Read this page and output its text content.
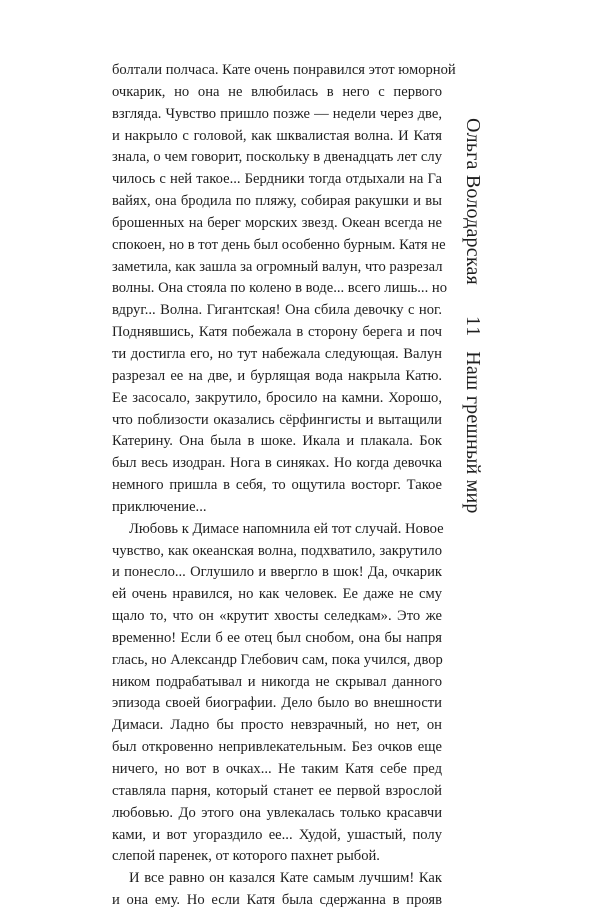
болтали полчаса. Кате очень понравился этот юморной
очкарик, но она не влюбилась в него с первого
взгляда. Чувство пришло позже — недели через две,
и накрыло с головой, как шквалистая волна. И Катя
знала, о чем говорит, поскольку в двенадцать лет слу
чилось с ней такое... Бердники тогда отдыхали на Га
вайях, она бродила по пляжу, собирая ракушки и вы
брошенных на берег морских звезд. Океан всегда не
спокоен, но в тот день был особенно бурным. Катя не
заметила, как зашла за огромный валун, что разрезал
волны. Она стояла по колено в воде... всего лишь... но
вдруг... Волна. Гигантская! Она сбила девочку с ног.
Поднявшись, Катя побежала в сторону берега и поч
ти достигла его, но тут набежала следующая. Валун
разрезал ее на две, и бурлящая вода накрыла Катю.
Ее засосало, закрутило, бросило на камни. Хорошо,
что поблизости оказались сёрфингисты и вытащили
Катерину. Она была в шоке. Икала и плакала. Бок
был весь изодран. Нога в синяках. Но когда девочка
немного пришла в себя, то ощутила восторг. Такое
приключение...
Любовь к Димасе напомнила ей тот случай. Новое
чувство, как океанская волна, подхватило, закрутило
и понесло... Оглушило и ввергло в шок! Да, очкарик
ей очень нравился, но как человек. Ее даже не сму
щало то, что он «крутит хвосты селедкам». Это же
временно! Если б ее отец был снобом, она бы напря
глась, но Александр Глебович сам, пока учился, двор
ником подрабатывал и никогда не скрывал данного
эпизода своей биографии. Дело было во внешности
Димаси. Ладно бы просто невзрачный, но нет, он
был откровенно непривлекательным. Без очков еще
ничего, но вот в очках... Не таким Катя себе пред
ставляла парня, который станет ее первой взрослой
любовью. До этого она увлекалась только красавчи
ками, и вот угораздило ее... Худой, ушастый, полу
слепой паренек, от которого пахнет рыбой.
И все равно он казался Кате самым лучшим! Как
и она ему. Но если Катя была сдержанна в прояв
Ольга Володарская
11
Наш грешный мир
